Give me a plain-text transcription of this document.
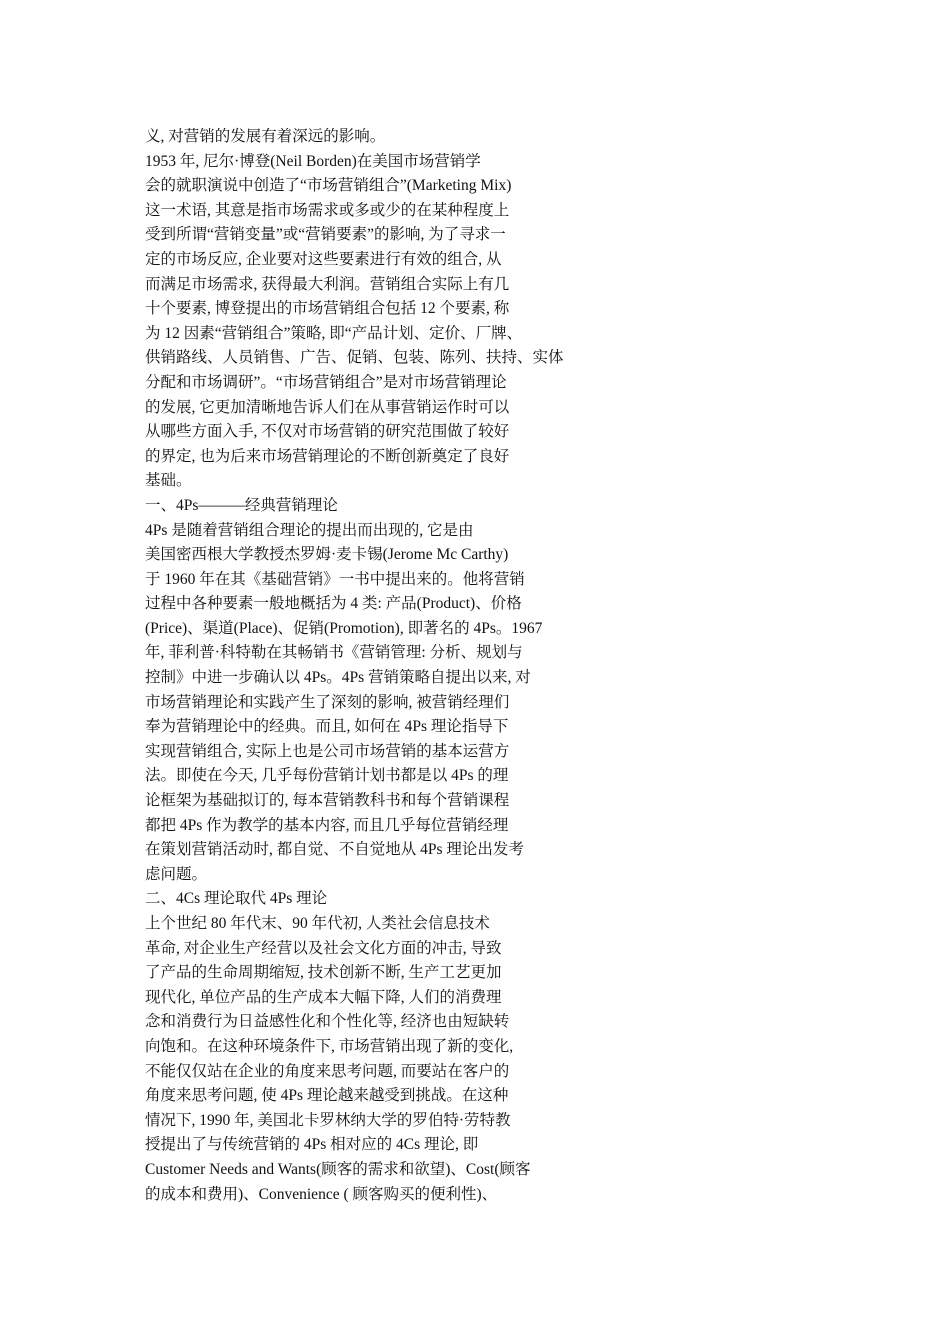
义, 对营销的发展有着深远的影响。
1953 年, 尼尔·博登(Neil Borden)在美国市场营销学
会的就职演说中创造了“市场营销组合”(Marketing Mix)
这一术语, 其意是指市场需求或多或少的在某种程度上
受到所谓“营销变量”或“营销要素”的影响, 为了寻求一
定的市场反应, 企业要对这些要素进行有效的组合, 从
而满足市场需求, 获得最大利润。营销组合实际上有几
十个要素, 博登提出的市场营销组合包括 12 个要素, 称
为 12 因素“营销组合”策略, 即“产品计划、定价、厂牌、
供销路线、人员销售、广告、促销、包装、陈列、扶持、实体
分配和市场调研”。“市场营销组合”是对市场营销理论
的发展, 它更加清晰地告诉人们在从事营销运作时可以
从哪些方面入手, 不仅对市场营销的研究范围做了较好
的界定, 也为后来市场营销理论的不断创新奠定了良好
基础。
一、4Ps———经典营销理论
4Ps 是随着营销组合理论的提出而出现的, 它是由
美国密西根大学教授杰罗姆·麦卡锡(Jerome Mc Carthy)
于 1960 年在其《基础营销》一书中提出来的。他将营销
过程中各种要素一般地概括为 4 类: 产品(Product)、价格
(Price)、渠道(Place)、促销(Promotion), 即著名的 4Ps。1967
年, 菲利普·科特勒在其畅销书《营销管理: 分析、规划与
控制》中进一步确认以 4Ps。4Ps 营销策略自提出以来, 对
市场营销理论和实践产生了深刻的影响, 被营销经理们
奉为营销理论中的经典。而且, 如何在 4Ps 理论指导下
实现营销组合, 实际上也是公司市场营销的基本运营方
法。即使在今天, 几乎每份营销计划书都是以 4Ps 的理
论框架为基础拟订的, 每本营销教科书和每个营销课程
都把 4Ps 作为教学的基本内容, 而且几乎每位营销经理
在策划营销活动时, 都自觉、不自觉地从 4Ps 理论出发考
虑问题。
二、4Cs 理论取代 4Ps 理论
上个世纪 80 年代末、90 年代初, 人类社会信息技术
革命, 对企业生产经营以及社会文化方面的冲击, 导致
了产品的生命周期缩短, 技术创新不断, 生产工艺更加
现代化, 单位产品的生产成本大幅下降, 人们的消费理
念和消费行为日益感性化和个性化等, 经济也由短缺转
向饱和。在这种环境条件下, 市场营销出现了新的变化,
不能仅仅站在企业的角度来思考问题, 而要站在客户的
角度来思考问题, 使 4Ps 理论越来越受到挑战。在这种
情况下, 1990 年, 美国北卡罗林纳大学的罗伯特·劳特教
授提出了与传统营销的 4Ps 相对应的 4Cs 理论, 即
Customer Needs and Wants(顾客的需求和欲望)、Cost(顾客
的成本和费用)、Convenience ( 顾客购买的便利性)、
